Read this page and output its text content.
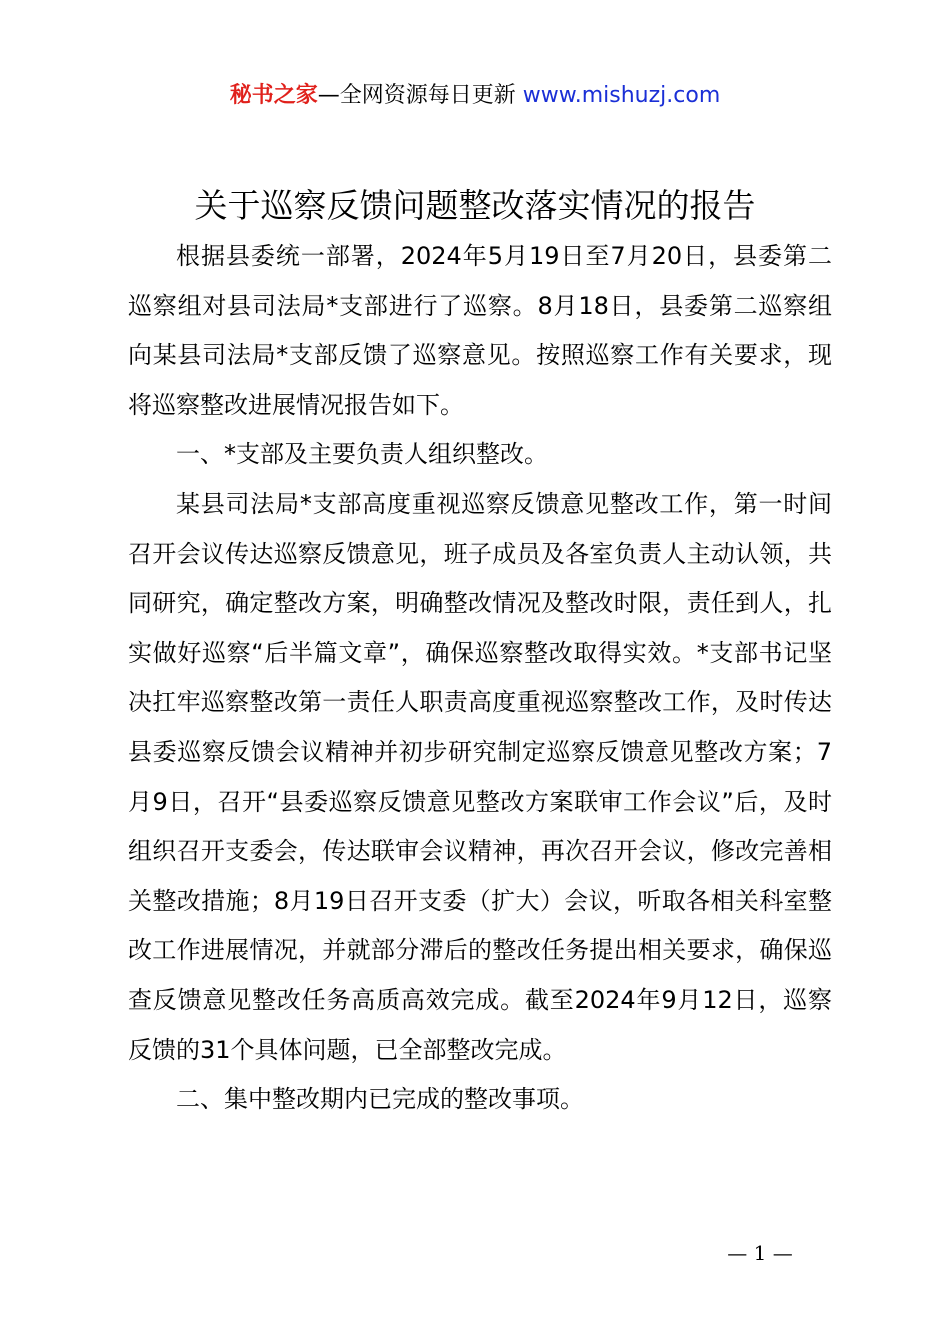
秘书之家—全网资源每日更新 www.mishuzj.com
关于巡察反馈问题整改落实情况的报告

根据县委统一部署，2024年5月19日至7月20日，县委第二巡察组对县司法局*支部进行了巡察。8月18日，县委第二巡察组向某县司法局*支部反馈了巡察意见。按照巡察工作有关要求，现将巡察整改进展情况报告如下。

一、*支部及主要负责人组织整改。

某县司法局*支部高度重视巡察反馈意见整改工作，第一时间召开会议传达巡察反馈意见，班子成员及各室负责人主动认领，共同研究，确定整改方案，明确整改情况及整改时限，责任到人，扎实做好巡察“后半篇文章”，确保巡察整改取得实效。*支部书记坚决扛牢巡察整改第一责任人职责高度重视巡察整改工作，及时传达县委巡察反馈会议精神并初步研究制定巡察反馈意见整改方案；7月9日，召开“县委巡察反馈意见整改方案联审工作会议”后，及时组织召开支委会，传达联审会议精神，再次召开会议，修改完善相关整改措施；8月19日召开支委（扩大）会议，听取各相关科室整改工作进展情况，并就部分滞后的整改任务提出相关要求，确保巡查反馈意见整改任务高质高效完成。截至2024年9月12日，巡察反馈的31个具体问题，已全部整改完成。

二、集中整改期内已完成的整改事项。

— 1 —
